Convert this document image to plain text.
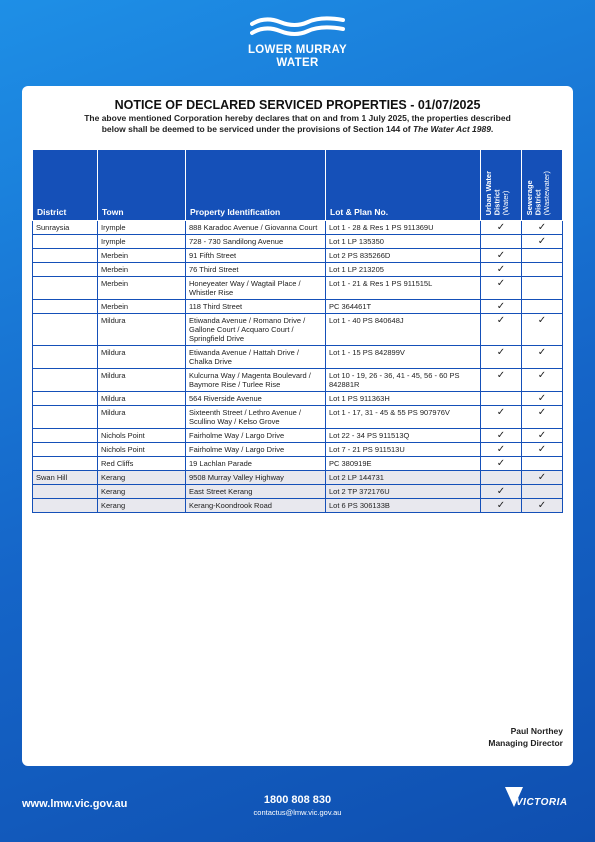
LOWER MURRAY
WATER
NOTICE OF DECLARED SERVICED PROPERTIES - 01/07/2025
The above mentioned Corporation hereby declares that on and from 1 July 2025, the properties described
below shall be deemed to be serviced under the provisions of Section 144 of The Water Act 1989.
District	Town	Property Identification	Lot & Plan No.	Urban Water District (Water)	Sewerage District (Wastewater)

Sunraysia	Irymple	888 Karadoc Avenue / Giovanna Court	Lot 1 - 28 & Res 1 PS 911369U	✓	✓
	Irymple	728 - 730 Sandilong Avenue	Lot 1 LP 135350		✓
	Merbein	91 Fifth Street	Lot 2 PS 835266D	✓	
	Merbein	76 Third Street	Lot 1 LP 213205	✓	
	Merbein	Honeyeater Way / Wagtail Place / Whistler Rise	Lot 1 - 21 & Res 1 PS 911515L	✓	
	Merbein	118 Third Street	PC 364461T	✓	
	Mildura	Etiwanda Avenue / Romano Drive / Gallone Court / Acquaro Court / Springfield Drive	Lot 1 - 40 PS 840648J	✓	✓
	Mildura	Etiwanda Avenue / Hattah Drive / Chalka Drive	Lot 1 - 15 PS 842899V	✓	✓
	Mildura	Kulcurna Way / Magenta Boulevard / Baymore Rise / Turlee Rise	Lot 10 - 19, 26 - 36, 41 - 45, 56 - 60 PS 842881R	✓	✓
	Mildura	564 Riverside Avenue	Lot 1 PS 911363H		✓
	Mildura	Sixteenth Street / Lethro Avenue / Scullino Way / Kelso Grove	Lot 1 - 17, 31 - 45 & 55 PS 907976V	✓	✓
	Nichols Point	Fairholme Way / Largo Drive	Lot 22 - 34 PS 911513Q	✓	✓
	Nichols Point	Fairholme Way / Largo Drive	Lot 7 - 21 PS 911513U	✓	✓
	Red Cliffs	19 Lachlan Parade	PC 380919E	✓	
Swan Hill	Kerang	9508 Murray Valley Highway	Lot 2 LP 144731		✓
	Kerang	East Street Kerang	Lot 2 TP 372176U	✓	
	Kerang	Kerang-Koondrook Road	Lot 6 PS 306133B	✓	✓
Paul Northey
Managing Director
www.lmw.vic.gov.au	1800 808 830
contactus@lmw.vic.gov.au
VICTORIA
